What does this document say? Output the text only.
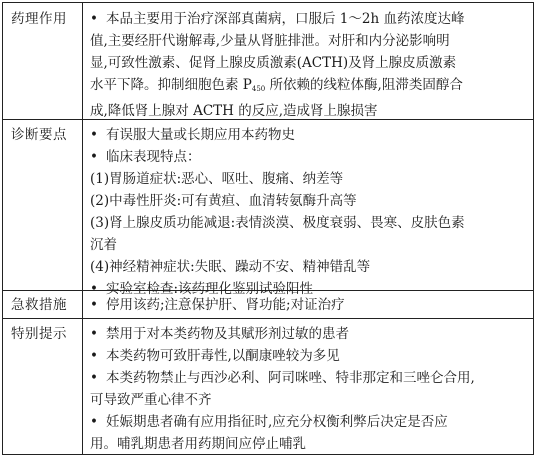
药理作用 • 本品主要用于治疗深部真菌病，口服后 1～2h 血药浓度达峰
值,主要经肝代谢解毒,少量从肾脏排泄。对肝和内分泌影响明
显,可致性激素、促肾上腺皮质激素(ACTH)及肾上腺皮质激素
水平下降。抑制细胞色素 $P_{450}$ 所依赖的线粒体酶,阻滞类固醇合
成,降低肾上腺对 ACTH 的反应,造成肾上腺损害
诊断要点 • 有误服大量或长期应用本药物史
• 临床表现特点：
(1)胃肠道症状:恶心、呕吐、腹痛、纳差等
(2)中毒性肝炎:可有黄疸、血清转氨酶升高等
(3)肾上腺皮质功能减退:表情淡漠、极度衰弱、畏寒、皮肤色素
沉着
(4)神经精神症状:失眠、躁动不安、精神错乱等
• 实验室检查:该药理化鉴别试验阳性
急救措施 • 停用该药;注意保护肝、肾功能;对证治疗
特别提示 • 禁用于对本类药物及其赋形剂过敏的患者
• 本类药物可致肝毒性,以酮康唑较为多见
• 本类药物禁止与西沙必利、阿司咪唑、特非那定和三唑仑合用,
可导致严重心律不齐
• 妊娠期患者确有应用指征时,应充分权衡利弊后决定是否应
用。哺乳期患者用药期间应停止哺乳
